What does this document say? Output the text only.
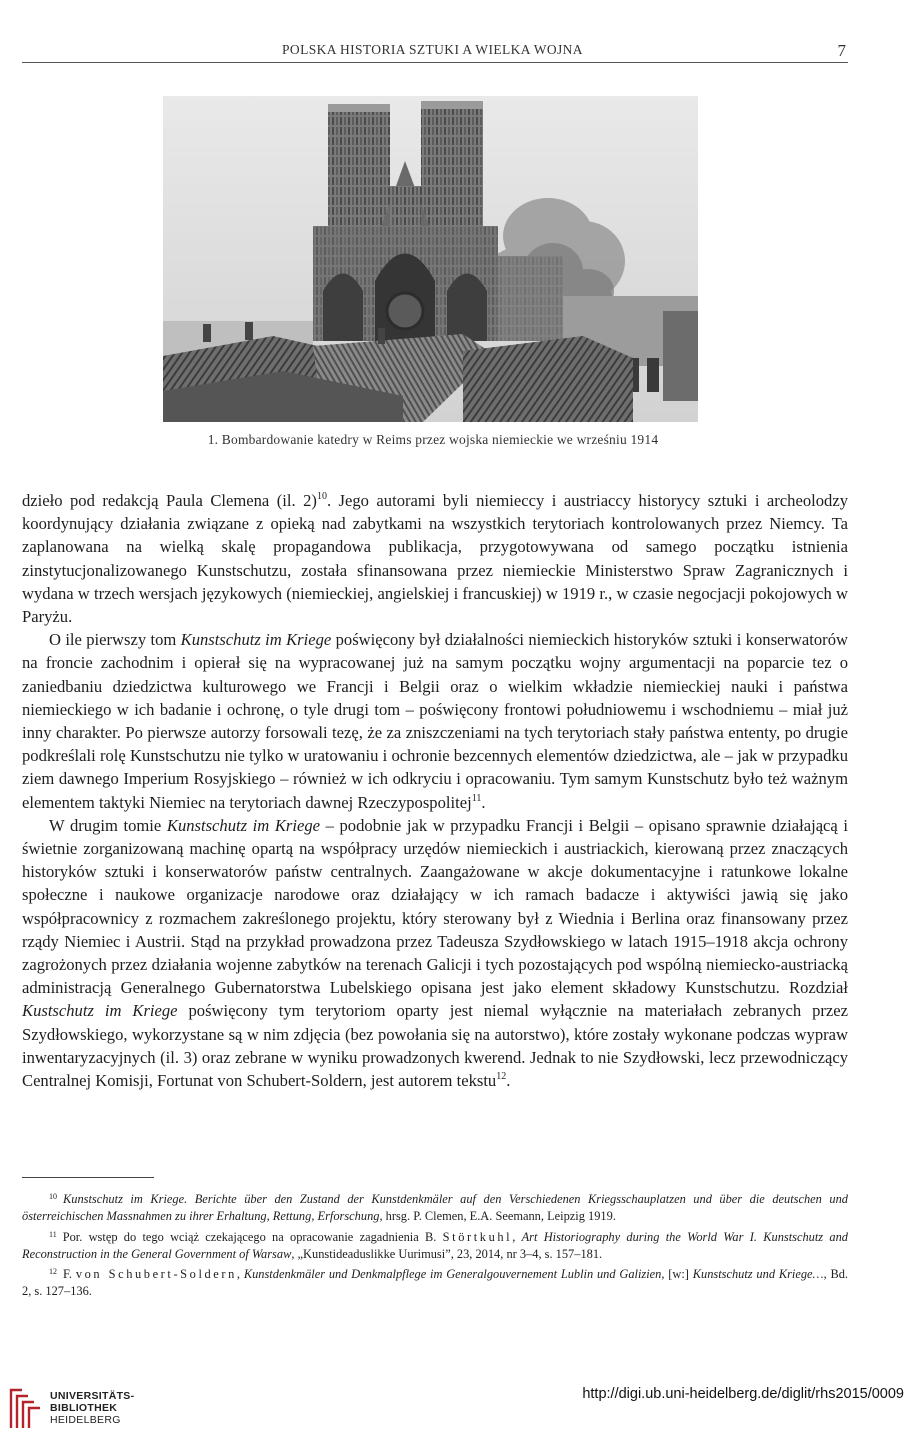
POLSKA HISTORIA SZTUKI A WIELKA WOJNA	7
1. Bombardowanie katedry w Reims przez wojska niemieckie we wrześniu 1914

dzieło pod redakcją Paula Clemena (il. 2)$^{10}$. Jego autorami byli niemieccy i austriaccy historycy sztuki i archeolodzy koordynujący działania związane z opieką nad zabytkami na wszystkich terytoriach kontrolowanych przez Niemcy. Ta zaplanowana na wielką skalę propagandowa publikacja, przygotowywana od samego początku istnienia zinstytucjonalizowanego Kunstschutzu, została sfinansowana przez niemieckie Ministerstwo Spraw Zagranicznych i wydana w trzech wersjach językowych (niemieckiej, angielskiej i francuskiej) w 1919 r., w czasie negocjacji pokojowych w Paryżu.

O ile pierwszy tom Kunstschutz im Kriege poświęcony był działalności niemieckich historyków sztuki i konserwatorów na froncie zachodnim i opierał się na wypracowanej już na samym początku wojny argumentacji na poparcie tez o zaniedbaniu dziedzictwa kulturowego we Francji i Belgii oraz o wielkim wkładzie niemieckiej nauki i państwa niemieckiego w ich badanie i ochronę, o tyle drugi tom – poświęcony frontowi południowemu i wschodniemu – miał już inny charakter. Po pierwsze autorzy forsowali tezę, że za zniszczeniami na tych terytoriach stały państwa ententy, po drugie podkreślali rolę Kunstschutzu nie tylko w uratowaniu i ochronie bezcennych elementów dziedzictwa, ale – jak w przypadku ziem dawnego Imperium Rosyjskiego – również w ich odkryciu i opracowaniu. Tym samym Kunstschutz było też ważnym elementem taktyki Niemiec na terytoriach dawnej Rzeczypospolitej$^{11}$.

W drugim tomie Kunstschutz im Kriege – podobnie jak w przypadku Francji i Belgii – opisano sprawnie działającą i świetnie zorganizowaną machinę opartą na współpracy urzędów niemieckich i austriackich, kierowaną przez znaczących historyków sztuki i konserwatorów państw centralnych. Zaangażowane w akcje dokumentacyjne i ratunkowe lokalne społeczne i naukowe organizacje narodowe oraz działający w ich ramach badacze i aktywiści jawią się jako współpracownicy z rozmachem zakreślonego projektu, który sterowany był z Wiednia i Berlina oraz finansowany przez rządy Niemiec i Austrii. Stąd na przykład prowadzona przez Tadeusza Szydłowskiego w latach 1915–1918 akcja ochrony zagrożonych przez działania wojenne zabytków na terenach Galicji i tych pozostających pod wspólną niemiecko-austriacką administracją Generalnego Gubernatorstwa Lubelskiego opisana jest jako element składowy Kunstschutzu. Rozdział Kustschutz im Kriege poświęcony tym terytoriom oparty jest niemal wyłącznie na materiałach zebranych przez Szydłowskiego, wykorzystane są w nim zdjęcia (bez powołania się na autorstwo), które zostały wykonane podczas wypraw inwentaryzacyjnych (il. 3) oraz zebrane w wyniku prowadzonych kwerend. Jednak to nie Szydłowski, lecz przewodniczący Centralnej Komisji, Fortunat von Schubert-Soldern, jest autorem tekstu$^{12}$.

$^{10}$ Kunstschutz im Kriege. Berichte über den Zustand der Kunstdenkmäler auf den Verschiedenen Kriegsschauplatzen und über die deutschen und österreichischen Massnahmen zu ihrer Erhaltung, Rettung, Erforschung, hrsg. P. Clemen, E.A. Seemann, Leipzig 1919.

$^{11}$ Por. wstęp do tego wciąż czekającego na opracowanie zagadnienia B. Störtkuhl, Art Historiography during the World War I. Kunstschutz and Reconstruction in the General Government of Warsaw, „Kunstideaduslikke Uurimusi”, 23, 2014, nr 3–4, s. 157–181.

$^{12}$ F. von Schubert-Soldern, Kunstdenkmäler und Denkmalpflege im Generalgouvernement Lublin und Galizien, [w:] Kunstschutz und Kriege…, Bd. 2, s. 127–136.

UNIVERSITÄTS-
BIBLIOTHEK
HEIDELBERG
http://digi.ub.uni-heidelberg.de/diglit/rhs2015/0009
